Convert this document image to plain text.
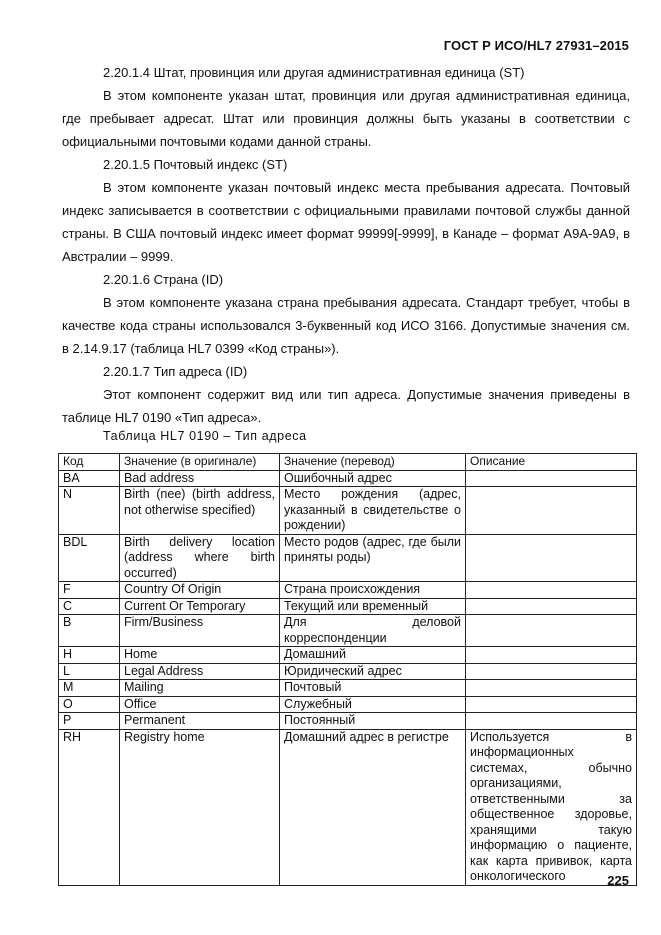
ГОСТ Р ИСО/HL7 27931–2015

2.20.1.4 Штат, провинция или другая административная единица (ST)

В этом компоненте указан штат, провинция или другая административная единица, где пребывает адресат. Штат или провинция должны быть указаны в соответствии с официальными почтовыми кодами данной страны.

2.20.1.5 Почтовый индекс (ST)

В этом компоненте указан почтовый индекс места пребывания адресата. Почтовый индекс записывается в соответствии с официальными правилами почтовой службы данной страны. В США почтовый индекс имеет формат 99999[-9999], в Канаде – формат A9A-9A9, в Австралии – 9999.

2.20.1.6 Страна (ID)

В этом компоненте указана страна пребывания адресата. Стандарт требует, чтобы в качестве кода страны использовался 3-буквенный код ИСО 3166. Допустимые значения см. в 2.14.9.17 (таблица HL7 0399 «Код страны»).

2.20.1.7 Тип адреса (ID)

Этот компонент содержит вид или тип адреса. Допустимые значения приведены в таблице HL7 0190 «Тип адреса».

Таблица HL7 0190 – Тип адреса
Код	Значение (в оригинале)	Значение (перевод)	Описание
BA	Bad address	Ошибочный адрес	
N	Birth (nee) (birth address, not otherwise specified)	Место рождения (адрес, указанный в свидетельстве о рождении)	
BDL	Birth delivery location (address where birth occurred)	Место родов (адрес, где были приняты роды)	
F	Country Of Origin	Страна происхождения	
C	Current Or Temporary	Текущий или временный	
B	Firm/Business	Для деловой корреспонденции	
H	Home	Домашний	
L	Legal Address	Юридический адрес	
M	Mailing	Почтовый	
O	Office	Служебный	
P	Permanent	Постоянный	
RH	Registry home	Домашний адрес в регистре	Используется в информационных системах, обычно организациями, ответственными за общественное здоровье, хранящими такую информацию о пациенте, как карта прививок, карта онкологического	225
